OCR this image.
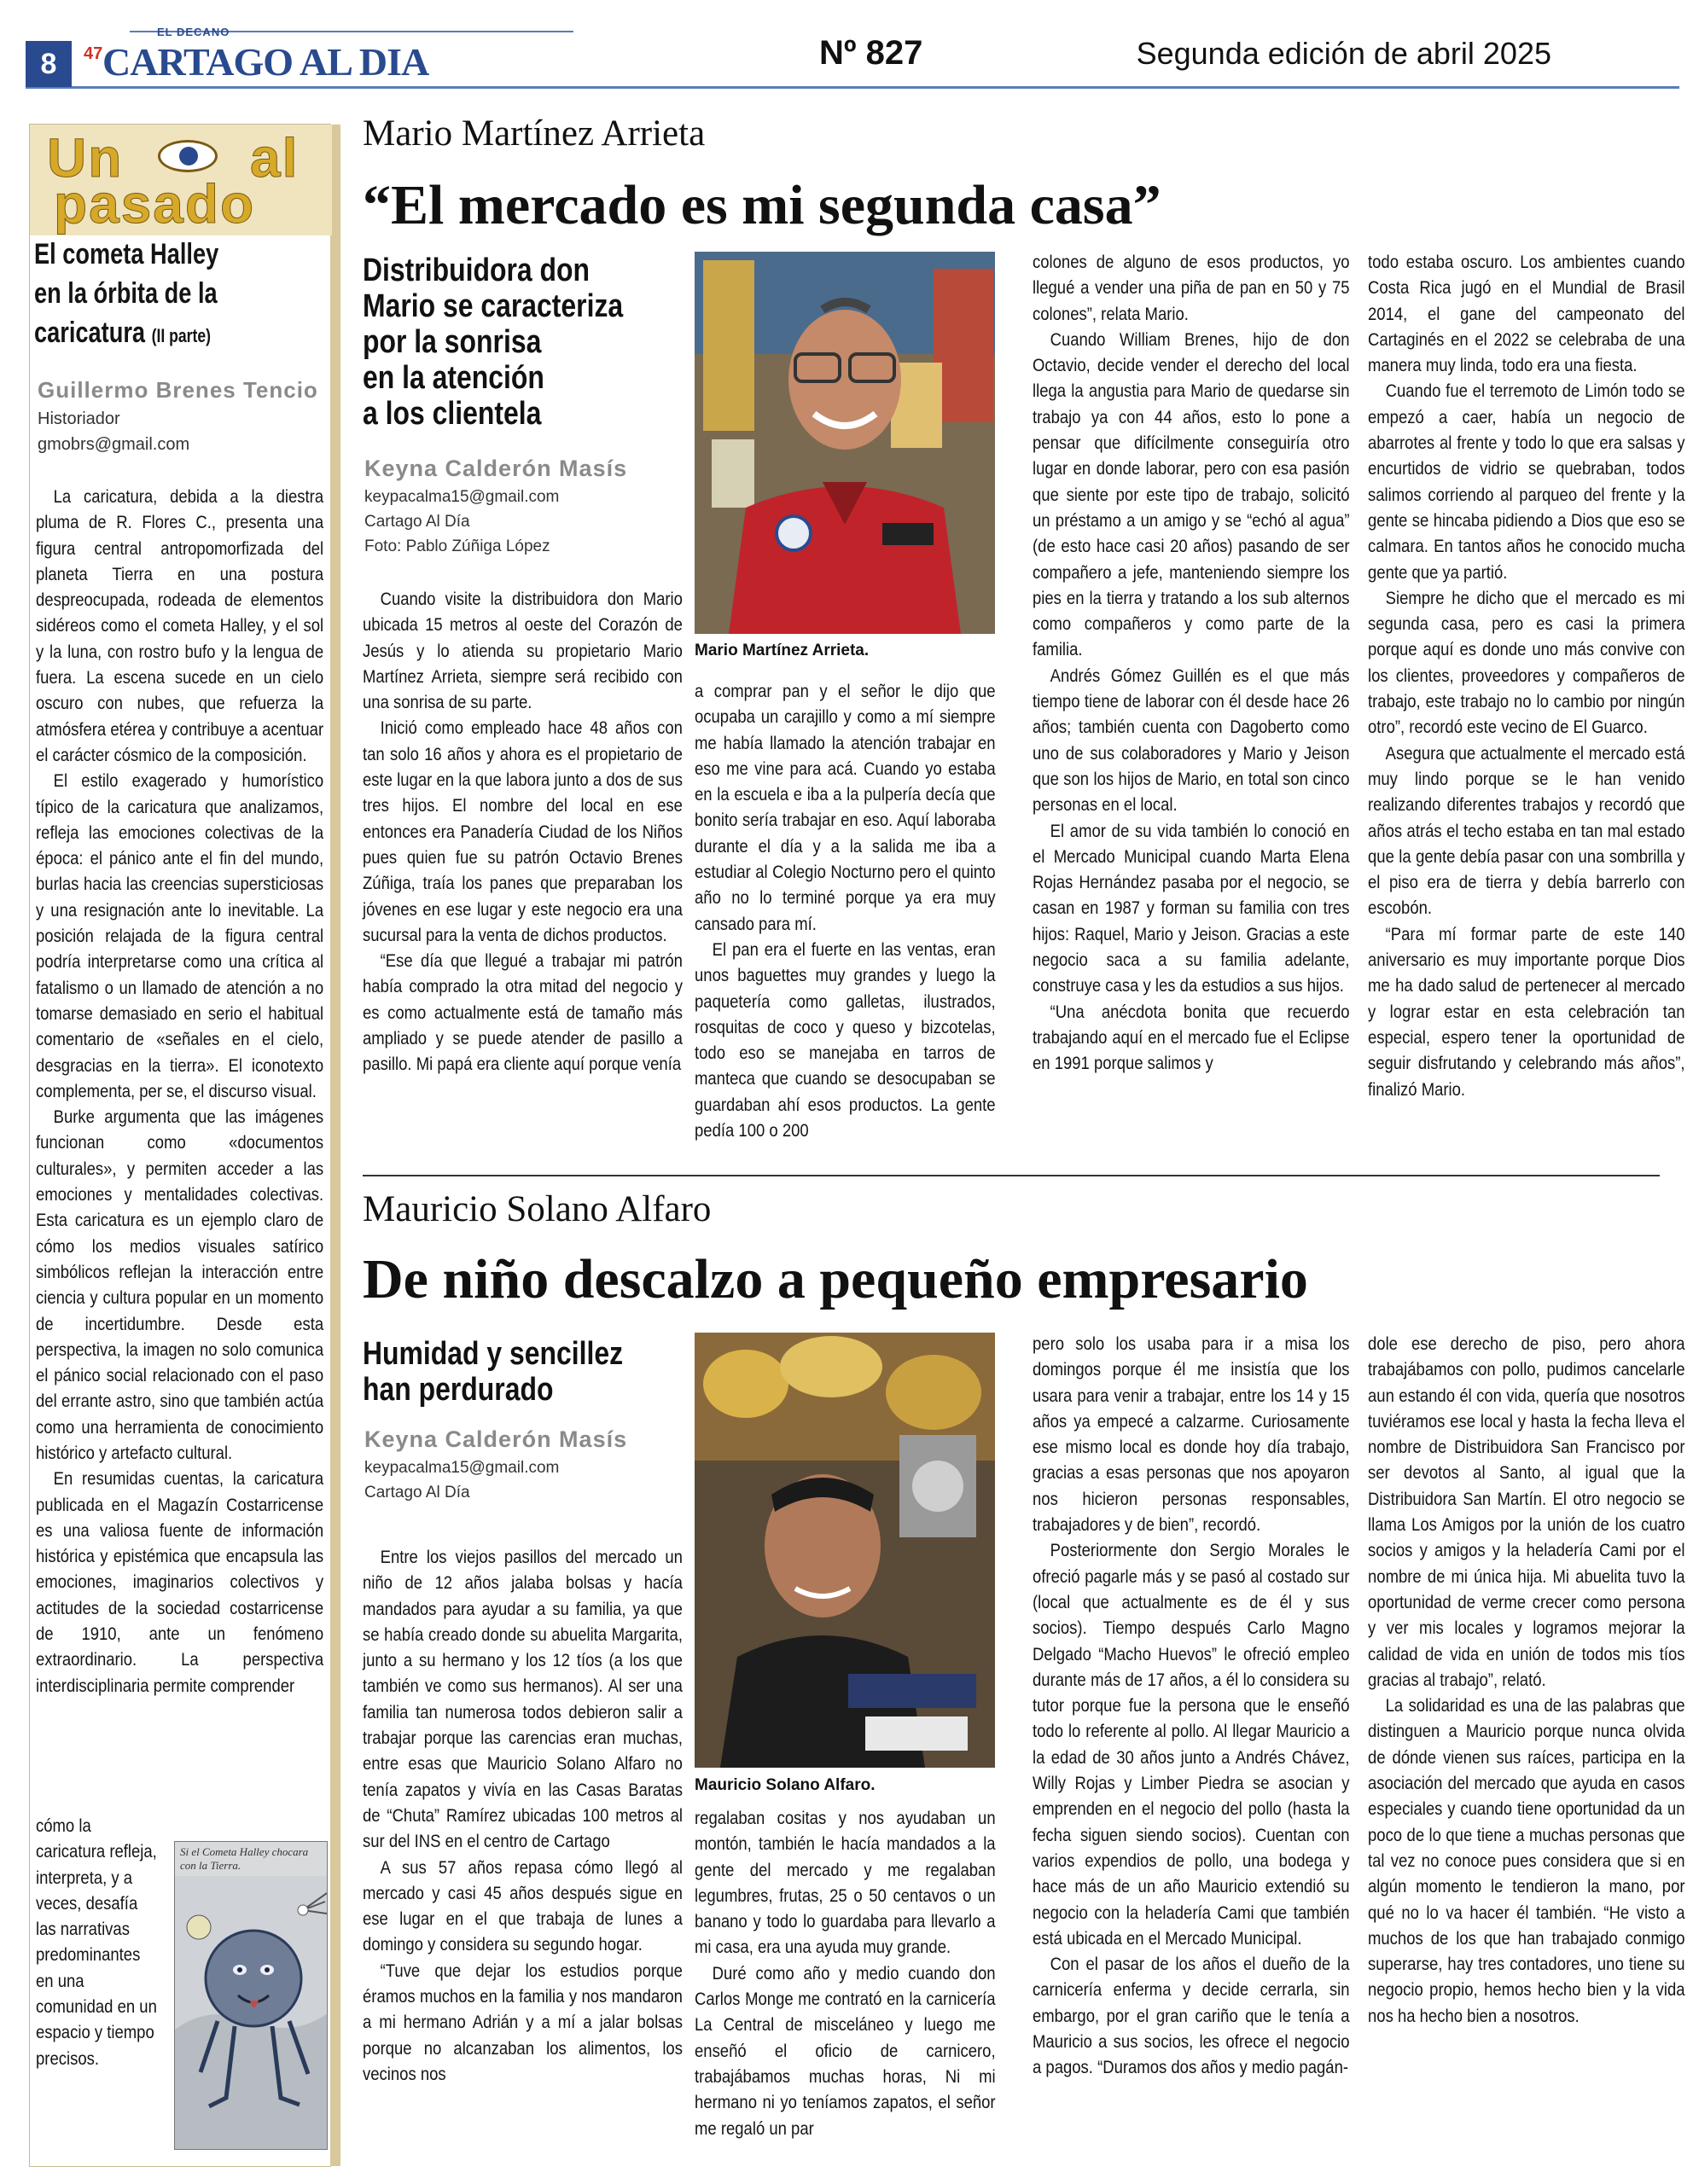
8
EL DECANO
47 CARTAGO AL DIA	Nº 827	Segunda edición de abril 2025
Un al
pasado
El cometa Halley
en la órbita de la
caricatura (II parte)
Guillermo Brenes Tencio
Historiador
gmobrs@gmail.com

La caricatura, debida a la diestra pluma de R. Flores C., presenta una figura central antropomorfizada del planeta Tierra en una postura despreocupada, rodeada de elementos sidéreos como el cometa Halley, y el sol y la luna, con rostro bufo y la lengua de fuera. La escena sucede en un cielo oscuro con nubes, que refuerza la atmósfera etérea y contribuye a acentuar el carácter cósmico de la composición.

El estilo exagerado y humorístico típico de la caricatura que analizamos, refleja las emociones colectivas de la época: el pánico ante el fin del mundo, burlas hacia las creencias supersticiosas y una resignación ante lo inevitable. La posición relajada de la figura central podría interpretarse como una crítica al fatalismo o un llamado de atención a no tomarse demasiado en serio el habitual comentario de «señales en el cielo, desgracias en la tierra». El iconotexto complementa, per se, el discurso visual.

Burke argumenta que las imágenes funcionan como «documentos culturales», y permiten acceder a las emociones y mentalidades colectivas. Esta caricatura es un ejemplo claro de cómo los medios visuales satírico simbólicos reflejan la interacción entre ciencia y cultura popular en un momento de incertidumbre. Desde esta perspectiva, la imagen no solo comunica el pánico social relacionado con el paso del errante astro, sino que también actúa como una herramienta de conocimiento histórico y artefacto cultural.

En resumidas cuentas, la caricatura publicada en el Magazín Costarricense es una valiosa fuente de información histórica y epistémica que encapsula las emociones, imaginarios colectivos y actitudes de la sociedad costarricense de 1910, ante un fenómeno extraordinario. La perspectiva interdisciplinaria permite comprender

cómo la caricatura refleja, interpreta, y a veces, desafía las narrativas predominantes en una comunidad en un espacio y tiempo precisos.

Si el Cometa Halley chocara con la Tierra.
Mario Martínez Arrieta
“El mercado es mi segunda casa”
Distribuidora don
Mario se caracteriza
por la sonrisa
en la atención
a los clientela
Keyna Calderón Masís
keypacalma15@gmail.com
Cartago Al Día
Foto: Pablo Zúñiga López
Mario Martínez Arrieta.

Cuando visite la distribuidora don Mario ubicada 15 metros al oeste del Corazón de Jesús y lo atienda su propietario Mario Martínez Arrieta, siempre será recibido con una sonrisa de su parte.

Inició como empleado hace 48 años con tan solo 16 años y ahora es el propietario de este lugar en la que labora junto a dos de sus tres hijos. El nombre del local en ese entonces era Panadería Ciudad de los Niños pues quien fue su patrón Octavio Brenes Zúñiga, traía los panes que preparaban los jóvenes en ese lugar y este negocio era una sucursal para la venta de dichos productos.

“Ese día que llegué a trabajar mi patrón había comprado la otra mitad del negocio y es como actualmente está de tamaño más ampliado y se puede atender de pasillo a pasillo. Mi papá era cliente aquí porque venía

a comprar pan y el señor le dijo que ocupaba un carajillo y como a mí siempre me había llamado la atención trabajar en eso me vine para acá. Cuando yo estaba en la escuela e iba a la pulpería decía que bonito sería trabajar en eso. Aquí laboraba durante el día y a la salida me iba a estudiar al Colegio Nocturno pero el quinto año no lo terminé porque ya era muy cansado para mí.

El pan era el fuerte en las ventas, eran unos baguettes muy grandes y luego la paquetería como galletas, ilustrados, rosquitas de coco y queso y bizcotelas, todo eso se manejaba en tarros de manteca que cuando se desocupaban se guardaban ahí esos productos. La gente pedía 100 o 200

colones de alguno de esos productos, yo llegué a vender una piña de pan en 50 y 75 colones”, relata Mario.

Cuando William Brenes, hijo de don Octavio, decide vender el derecho del local llega la angustia para Mario de quedarse sin trabajo ya con 44 años, esto lo pone a pensar que difícilmente conseguiría otro lugar en donde laborar, pero con esa pasión que siente por este tipo de trabajo, solicitó un préstamo a un amigo y se “echó al agua” (de esto hace casi 20 años) pasando de ser compañero a jefe, manteniendo siempre los pies en la tierra y tratando a los sub alternos como compañeros y como parte de la familia.

Andrés Gómez Guillén es el que más tiempo tiene de laborar con él desde hace 26 años; también cuenta con Dagoberto como uno de sus colaboradores y Mario y Jeison que son los hijos de Mario, en total son cinco personas en el local.

El amor de su vida también lo conoció en el Mercado Municipal cuando Marta Elena Rojas Hernández pasaba por el negocio, se casan en 1987 y forman su familia con tres hijos: Raquel, Mario y Jeison. Gracias a este negocio saca a su familia adelante, construye casa y les da estudios a sus hijos.

“Una anécdota bonita que recuerdo trabajando aquí en el mercado fue el Eclipse en 1991 porque salimos y

todo estaba oscuro. Los ambientes cuando Costa Rica jugó en el Mundial de Brasil 2014, el gane del campeonato del Cartaginés en el 2022 se celebraba de una manera muy linda, todo era una fiesta.

Cuando fue el terremoto de Limón todo se empezó a caer, había un negocio de abarrotes al frente y todo lo que era salsas y encurtidos de vidrio se quebraban, todos salimos corriendo al parqueo del frente y la gente se hincaba pidiendo a Dios que eso se calmara. En tantos años he conocido mucha gente que ya partió.

Siempre he dicho que el mercado es mi segunda casa, pero es casi la primera porque aquí es donde uno más convive con los clientes, proveedores y compañeros de trabajo, este trabajo no lo cambio por ningún otro”, recordó este vecino de El Guarco.

Asegura que actualmente el mercado está muy lindo porque se le han venido realizando diferentes trabajos y recordó que años atrás el techo estaba en tan mal estado que la gente debía pasar con una sombrilla y el piso era de tierra y debía barrerlo con escobón.

“Para mí formar parte de este 140 aniversario es muy importante porque Dios me ha dado salud de pertenecer al mercado y lograr estar en esta celebración tan especial, espero tener la oportunidad de seguir disfrutando y celebrando más años”, finalizó Mario.

Mauricio Solano Alfaro
De niño descalzo a pequeño empresario
Humidad y sencillez
han perdurado
Keyna Calderón Masís
keypacalma15@gmail.com
Cartago Al Día
Mauricio Solano Alfaro.

Entre los viejos pasillos del mercado un niño de 12 años jalaba bolsas y hacía mandados para ayudar a su familia, ya que se había creado donde su abuelita Margarita, junto a su hermano y los 12 tíos (a los que también ve como sus hermanos). Al ser una familia tan numerosa todos debieron salir a trabajar porque las carencias eran muchas, entre esas que Mauricio Solano Alfaro no tenía zapatos y vivía en las Casas Baratas de “Chuta” Ramírez ubicadas 100 metros al sur del INS en el centro de Cartago

A sus 57 años repasa cómo llegó al mercado y casi 45 años después sigue en ese lugar en el que trabaja de lunes a domingo y considera su segundo hogar.

“Tuve que dejar los estudios porque éramos muchos en la familia y nos mandaron a mi hermano Adrián y a mí a jalar bolsas porque no alcanzaban los alimentos, los vecinos nos

regalaban cositas y nos ayudaban un montón, también le hacía mandados a la gente del mercado y me regalaban legumbres, frutas, 25 o 50 centavos o un banano y todo lo guardaba para llevarlo a mi casa, era una ayuda muy grande.

Duré como año y medio cuando don Carlos Monge me contrató en la carnicería La Central de misceláneo y luego me enseñó el oficio de carnicero, trabajábamos muchas horas, Ni mi hermano ni yo teníamos zapatos, el señor me regaló un par

pero solo los usaba para ir a misa los domingos porque él me insistía que los usara para venir a trabajar, entre los 14 y 15 años ya empecé a calzarme. Curiosamente ese mismo local es donde hoy día trabajo, gracias a esas personas que nos apoyaron nos hicieron personas responsables, trabajadores y de bien”, recordó.

Posteriormente don Sergio Morales le ofreció pagarle más y se pasó al costado sur (local que actualmente es de él y sus socios). Tiempo después Carlo Magno Delgado “Macho Huevos” le ofreció empleo durante más de 17 años, a él lo considera su tutor porque fue la persona que le enseñó todo lo referente al pollo. Al llegar Mauricio a la edad de 30 años junto a Andrés Chávez, Willy Rojas y Limber Piedra se asocian y emprenden en el negocio del pollo (hasta la fecha siguen siendo socios). Cuentan con varios expendios de pollo, una bodega y hace más de un año Mauricio extendió su negocio con la heladería Cami que también está ubicada en el Mercado Municipal.

Con el pasar de los años el dueño de la carnicería enferma y decide cerrarla, sin embargo, por el gran cariño que le tenía a Mauricio a sus socios, les ofrece el negocio a pagos. “Duramos dos años y medio pagán-

dole ese derecho de piso, pero ahora trabajábamos con pollo, pudimos cancelarle aun estando él con vida, quería que nosotros tuviéramos ese local y hasta la fecha lleva el nombre de Distribuidora San Francisco por ser devotos al Santo, al igual que la Distribuidora San Martín. El otro negocio se llama Los Amigos por la unión de los cuatro socios y amigos y la heladería Cami por el nombre de mi única hija. Mi abuelita tuvo la oportunidad de verme crecer como persona y ver mis locales y logramos mejorar la calidad de vida en unión de todos mis tíos gracias al trabajo”, relató.

La solidaridad es una de las palabras que distinguen a Mauricio porque nunca olvida de dónde vienen sus raíces, participa en la asociación del mercado que ayuda en casos especiales y cuando tiene oportunidad da un poco de lo que tiene a muchas personas que tal vez no conoce pues considera que si en algún momento le tendieron la mano, por qué no lo va hacer él también. “He visto a muchos de los que han trabajado conmigo superarse, hay tres contadores, uno tiene su negocio propio, hemos hecho bien y la vida nos ha hecho bien a nosotros.
